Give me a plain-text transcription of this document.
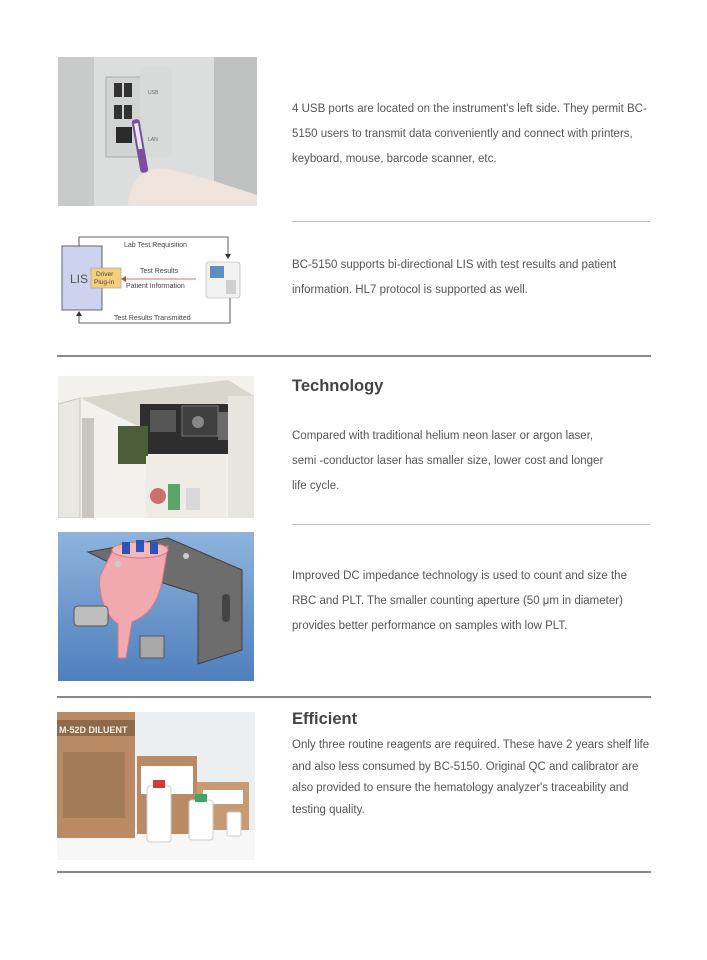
USB
LAN

4 USB ports are located on the instrument's left side. They permit BC-5150 users to transmit data conveniently and connect with printers, keyboard, mouse, barcode scanner, etc.

LIS Driver
Plug-in
Lab Test Requisition
Test Results
Patient Information
Test Results Transmitted

BC-5150 supports bi-directional LIS with test results and patient information. HL7 protocol is supported as well.

Technology

Compared with traditional helium neon laser or argon laser, semi -conductor laser has smaller size, lower cost and longer life cycle.

Improved DC impedance technology is used to count and size the RBC and PLT. The smaller counting aperture (50 μm in diameter) provides better performance on samples with low PLT.

Efficient
M-52D DILUENT

Only three routine reagents are required. These have 2 years shelf life and also less consumed by BC-5150. Original QC and calibrator are also provided to ensure the hematology analyzer's traceability and testing quality.
